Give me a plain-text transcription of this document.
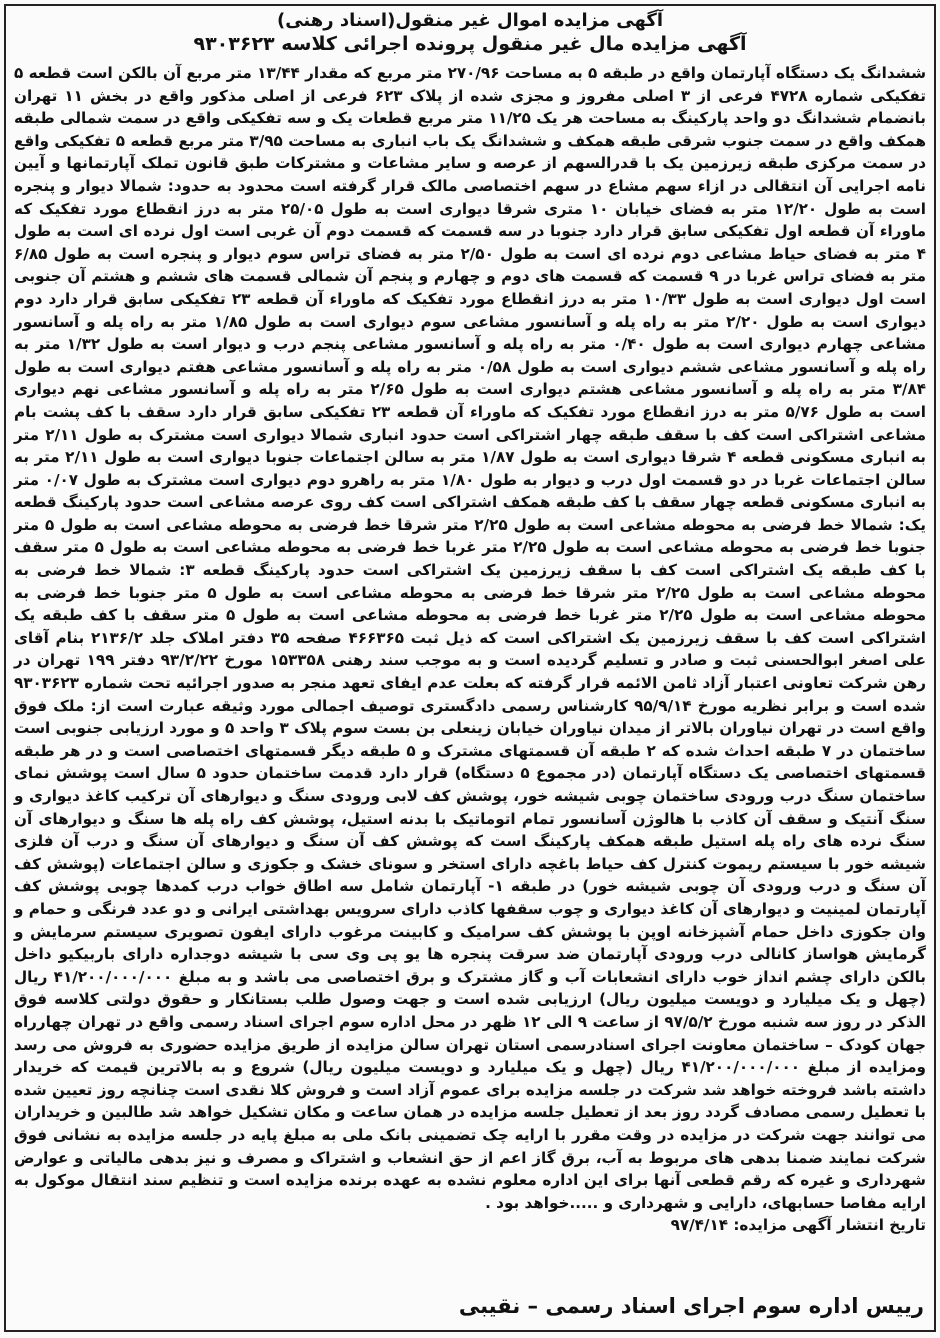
آگهی مزایده اموال غیر منقول(اسناد رهنی)

آگهی مزایده مال غیر منقول پرونده اجرائی کلاسه ۹۳۰۳۶۲۳

ششدانگ یک دستگاه آپارتمان واقع در طبقه ۵ به مساحت ۲۷۰/۹۶ متر مربع که مقدار ۱۳/۴۴ متر مربع آن بالکن است قطعه ۵ تفکیکی شماره ۴۷۲۸ فرعی از ۳ اصلی مفروز و مجزی شده از پلاک ۶۲۳ فرعی از اصلی مذکور واقع در بخش ۱۱ تهران بانضمام ششدانگ دو واحد پارکینگ به مساحت هر یک ۱۱/۲۵ متر مربع قطعات یک و سه تفکیکی واقع در سمت شمالی طبقه همکف واقع در سمت جنوب شرقی طبقه همکف و ششدانگ یک باب انباری به مساحت ۳/۹۵ متر مربع قطعه ۵ تفکیکی واقع در سمت مرکزی طبقه زیرزمین یک با قدرالسهم از عرصه و سایر مشاعات و مشترکات طبق قانون تملک آپارتمانها و آیین نامه اجرایی آن انتقالی در ازاء سهم مشاع در سهم اختصاصی مالک قرار گرفته است محدود به حدود: شمالا دیوار و پنجره است به طول ۱۲/۲۰ متر به فضای خیابان ۱۰ متری شرقا دیواری است به طول ۲۵/۰۵ متر به درز انقطاع مورد تفکیک که ماوراء آن قطعه اول تفکیکی سابق قرار دارد جنوبا در سه قسمت که قسمت دوم آن غربی است اول نرده ای است به طول ۴ متر به فضای حیاط مشاعی دوم نرده ای است به طول ۲/۵۰ متر به فضای تراس سوم دیوار و پنجره است به طول ۶/۸۵ متر به فضای تراس غربا در ۹ قسمت که قسمت های دوم و چهارم و پنجم آن شمالی قسمت های ششم و هشتم آن جنوبی است اول دیواری است به طول ۱۰/۳۳ متر به درز انقطاع مورد تفکیک که ماوراء آن قطعه ۲۳ تفکیکی سابق قرار دارد دوم دیواری است به طول ۲/۲۰ متر به راه پله و آسانسور مشاعی سوم دیواری است به طول ۱/۸۵ متر به راه پله و آسانسور مشاعی چهارم دیواری است به طول ۰/۴۰ متر به راه پله و آسانسور مشاعی پنجم درب و دیوار است به طول ۱/۳۲ متر به راه پله و آسانسور مشاعی ششم دیواری است به طول ۰/۵۸ متر به راه پله و آسانسور مشاعی هفتم دیواری است به طول ۳/۸۴ متر به راه پله و آسانسور مشاعی هشتم دیواری است به طول ۲/۶۵ متر به راه پله و آسانسور مشاعی نهم دیواری است به طول ۵/۷۶ متر به درز انقطاع مورد تفکیک که ماوراء آن قطعه ۲۳ تفکیکی سابق قرار دارد سقف با کف پشت بام مشاعی اشتراکی است کف با سقف طبقه چهار اشتراکی است حدود انباری شمالا دیواری است مشترک به طول ۲/۱۱ متر به انباری مسکونی قطعه ۴ شرقا دیواری است به طول ۱/۸۷ متر به سالن اجتماعات جنوبا دیواری است به طول ۲/۱۱ متر به سالن اجتماعات غربا در دو قسمت اول درب و دیوار به طول ۱/۸۰ متر به راهرو دوم دیواری است مشترک به طول ۰/۰۷ متر به انباری مسکونی قطعه چهار سقف با کف طبقه همکف اشتراکی است کف روی عرصه مشاعی است حدود پارکینگ قطعه یک: شمالا خط فرضی به محوطه مشاعی است به طول ۲/۲۵ متر شرقا خط فرضی به محوطه مشاعی است به طول ۵ متر جنوبا خط فرضی به محوطه مشاعی است به طول ۲/۲۵ متر غربا خط فرضی به محوطه مشاعی است به طول ۵ متر سقف با کف طبقه یک اشتراکی است کف با سقف زیرزمین یک اشتراکی است حدود پارکینگ قطعه ۳: شمالا خط فرضی به محوطه مشاعی است به طول ۲/۲۵ متر شرقا خط فرضی به محوطه مشاعی است به طول ۵ متر جنوبا خط فرضی به محوطه مشاعی است به طول ۲/۲۵ متر غربا خط فرضی به محوطه مشاعی است به طول ۵ متر سقف با کف طبقه یک اشتراکی است کف با سقف زیرزمین یک اشتراکی است که ذیل ثبت ۴۶۶۳۶۵ صفحه ۳۵ دفتر املاک جلد ۲۱۳۶/۲ بنام آقای علی اصغر ابوالحسنی ثبت و صادر و تسلیم گردیده است و به موجب سند رهنی ۱۵۳۳۵۸ مورخ ۹۳/۲/۲۲ دفتر ۱۹۹ تهران در رهن شرکت تعاونی اعتبار آزاد ثامن الائمه قرار گرفته که بعلت عدم ایفای تعهد منجر به صدور اجرائیه تحت شماره ۹۳۰۳۶۲۳ شده است و برابر نظریه مورخ ۹۵/۹/۱۴ کارشناس رسمی دادگستری توصیف اجمالی مورد وثیقه عبارت است از: ملک فوق واقع است در تهران نیاوران بالاتر از میدان نیاوران خیابان زینعلی بن بست سوم پلاک ۳ واحد ۵ و مورد ارزیابی جنوبی است ساختمان در ۷ طبقه احداث شده که ۲ طبقه آن قسمتهای مشترک و ۵ طبقه دیگر قسمتهای اختصاصی است و در هر طبقه قسمتهای اختصاصی یک دستگاه آپارتمان (در مجموع ۵ دستگاه) قرار دارد قدمت ساختمان حدود ۵ سال است پوشش نمای ساختمان سنگ درب ورودی ساختمان چوبی شیشه خور، پوشش کف لابی ورودی سنگ و دیوارهای آن ترکیب کاغذ دیواری و سنگ آنتیک و سقف آن کاذب با هالوژن آسانسور تمام اتوماتیک با بدنه استیل، پوشش کف راه پله ها سنگ و دیوارهای آن سنگ نرده های راه پله استیل طبقه همکف پارکینگ است که پوشش کف آن سنگ و دیوارهای آن سنگ و درب آن فلزی شیشه خور با سیستم ریموت کنترل کف حیاط باغچه دارای استخر و سونای خشک و جکوزی و سالن اجتماعات (پوشش کف آن سنگ و درب ورودی آن چوبی شیشه خور) در طبقه ۱- آپارتمان شامل سه اطاق خواب درب کمدها چوبی پوشش کف آپارتمان لمینیت و دیوارهای آن کاغذ دیواری و چوب سقفها کاذب دارای سرویس بهداشتی ایرانی و دو عدد فرنگی و حمام و وان جکوزی داخل حمام آشپزخانه اوپن با پوشش کف سرامیک و کابینت مرغوب دارای ایفون تصویری سیستم سرمایش و گرمایش هواساز کانالی درب ورودی آپارتمان ضد سرقت پنجره ها یو پی وی سی با شیشه دوجداره دارای باربیکیو داخل بالکن دارای چشم انداز خوب دارای انشعابات آب و گاز مشترک و برق اختصاصی می باشد و به مبلغ ۴۱/۲۰۰/۰۰۰/۰۰۰ ریال (چهل و یک میلیارد و دویست میلیون ریال) ارزیابی شده است و جهت وصول طلب بستانکار و حقوق دولتی کلاسه فوق الذکر در روز سه شنبه مورخ ۹۷/۵/۲ از ساعت ۹ الی ۱۲ ظهر در محل اداره سوم اجرای اسناد رسمی واقع در تهران چهارراه جهان کودک – ساختمان معاونت اجرای اسنادرسمی استان تهران سالن مزایده از طریق مزایده حضوری به فروش می رسد ومزایده از مبلغ ۴۱/۲۰۰/۰۰۰/۰۰۰ ریال (چهل و یک میلیارد و دویست میلیون ریال) شروع و به بالاترین قیمت که خریدار داشته باشد فروخته خواهد شد شرکت در جلسه مزایده برای عموم آزاد است و فروش کلا نقدی است چنانچه روز تعیین شده با تعطیل رسمی مصادف گردد روز بعد از تعطیل جلسه مزایده در همان ساعت و مکان تشکیل خواهد شد طالبین و خریداران می توانند جهت شرکت در مزایده در وقت مقرر با ارایه چک تضمینی بانک ملی به مبلغ پایه در جلسه مزایده به نشانی فوق شرکت نمایند ضمنا بدهی های مربوط به آب، برق گاز اعم از حق انشعاب و اشتراک و مصرف و نیز بدهی مالیاتی و عوارض شهرداری و غیره که رقم قطعی آنها برای این اداره معلوم نشده به عهده برنده مزایده است و تنظیم سند انتقال موکول به ارایه مفاصا حسابهای، دارایی و شهرداری و .....خواهد بود .

تاریخ انتشار آگهی مزایده: ۹۷/۴/۱۴

رییس اداره سوم اجرای اسناد رسمی – نقیبی
